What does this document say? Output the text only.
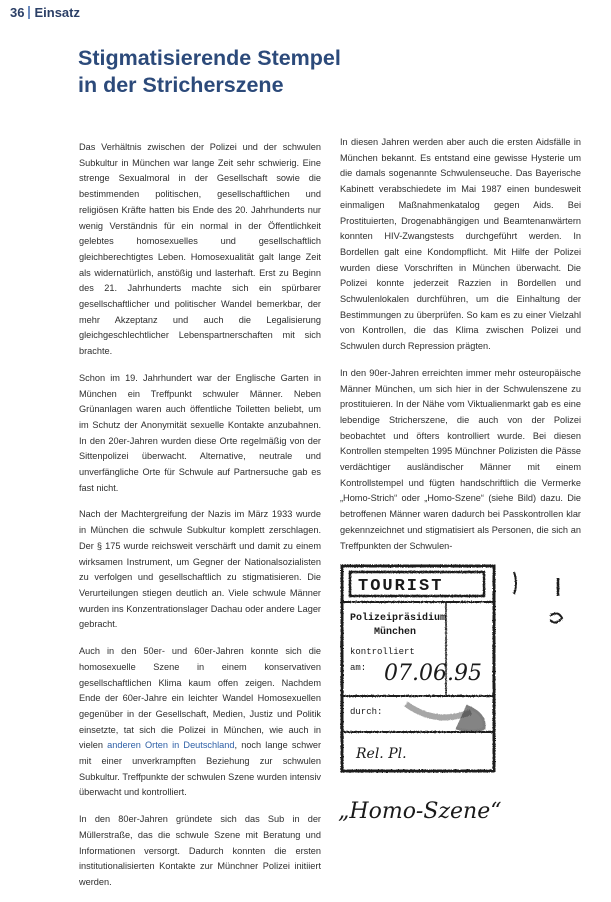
36 Einsatz
Stigmatisierende Stempel
in der Stricherszene

Das Verhältnis zwischen der Polizei und der schwulen Subkultur in München war lange Zeit sehr schwierig. Eine strenge Sexualmoral in der Gesellschaft sowie die bestimmenden politischen, gesellschaftlichen und religiösen Kräfte hatten bis Ende des 20. Jahrhunderts nur wenig Verständnis für ein normal in der Öffentlichkeit gelebtes homosexuelles und gesellschaftlich gleichberechtigtes Leben. Homosexualität galt lange Zeit als widernatürlich, anstößig und lasterhaft. Erst zu Beginn des 21. Jahrhunderts machte sich ein spürbarer gesellschaftlicher und politischer Wandel bemerkbar, der mehr Akzeptanz und auch die Legalisierung gleichgeschlechtlicher Lebenspartnerschaften mit sich brachte.

Schon im 19. Jahrhundert war der Englische Garten in München ein Treffpunkt schwuler Männer. Neben Grünanlagen waren auch öffentliche Toiletten beliebt, um im Schutz der Anonymität sexuelle Kontakte anzubahnen. In den 20er-Jahren wurden diese Orte regelmäßig von der Sittenpolizei überwacht. Alternative, neutrale und unverfängliche Orte für Schwule auf Partnersuche gab es fast nicht.

Nach der Machtergreifung der Nazis im März 1933 wurde in München die schwule Subkultur komplett zerschlagen. Der § 175 wurde reichsweit verschärft und damit zu einem wirksamen Instrument, um Gegner der Nationalsozialisten zu verfolgen und gesellschaftlich zu stigmatisieren. Die Verurteilungen stiegen deutlich an. Viele schwule Männer wurden ins Konzentrationslager Dachau oder andere Lager gebracht.

Auch in den 50er- und 60er-Jahren konnte sich die homosexuelle Szene in einem konservativen gesellschaftlichen Klima kaum offen zeigen. Nachdem Ende der 60er-Jahre ein leichter Wandel Homosexuellen gegenüber in der Gesellschaft, Medien, Justiz und Politik einsetzte, tat sich die Polizei in München, wie auch in vielen anderen Orten in Deutschland, noch lange schwer mit einer unverkrampften Beziehung zur schwulen Subkultur. Treffpunkte der schwulen Szene wurden intensiv überwacht und kontrolliert.

In den 80er-Jahren gründete sich das Sub in der Müllerstraße, das die schwule Szene mit Beratung und Informationen versorgt. Dadurch konnten die ersten institutionalisierten Kontakte zur Münchner Polizei initiiert werden.

In diesen Jahren werden aber auch die ersten Aidsfälle in München bekannt. Es entstand eine gewisse Hysterie um die damals sogenannte Schwulenseuche. Das Bayerische Kabinett verabschiedete im Mai 1987 einen bundesweit einmaligen Maßnahmenkatalog gegen Aids. Bei Prostituierten, Drogenabhängigen und Beamtenanwärtern konnten HIV-Zwangstests durchgeführt werden. In Bordellen galt eine Kondompflicht. Mit Hilfe der Polizei wurden diese Vorschriften in München überwacht. Die Polizei konnte jederzeit Razzien in Bordellen und Schwulenlokalen durchführen, um die Einhaltung der Bestimmungen zu überprüfen. So kam es zu einer Vielzahl von Kontrollen, die das Klima zwischen Polizei und Schwulen durch Repression prägten.

In den 90er-Jahren erreichten immer mehr osteuropäische Männer München, um sich hier in der Schwulenszene zu prostituieren. In der Nähe vom Viktualienmarkt gab es eine lebendige Stricherszene, die auch von der Polizei beobachtet und öfters kontrolliert wurde. Bei diesen Kontrollen stempelten 1995 Münchner Polizisten die Pässe verdächtiger ausländischer Männer mit einem Kontrollstempel und fügten handschriftlich die Vermerke „Homo-Strich“ oder „Homo-Szene“ (siehe Bild) dazu. Die betroffenen Männer waren dadurch bei Passkontrollen klar gekennzeichnet und stigmatisiert als Personen, die sich an Treffpunkten der Schwulen-

TOURIST
Polizeipräsidium
München
kontrolliert
am: 07.06.95
durch:
Rel. Pl.
„Homo-Szene“
